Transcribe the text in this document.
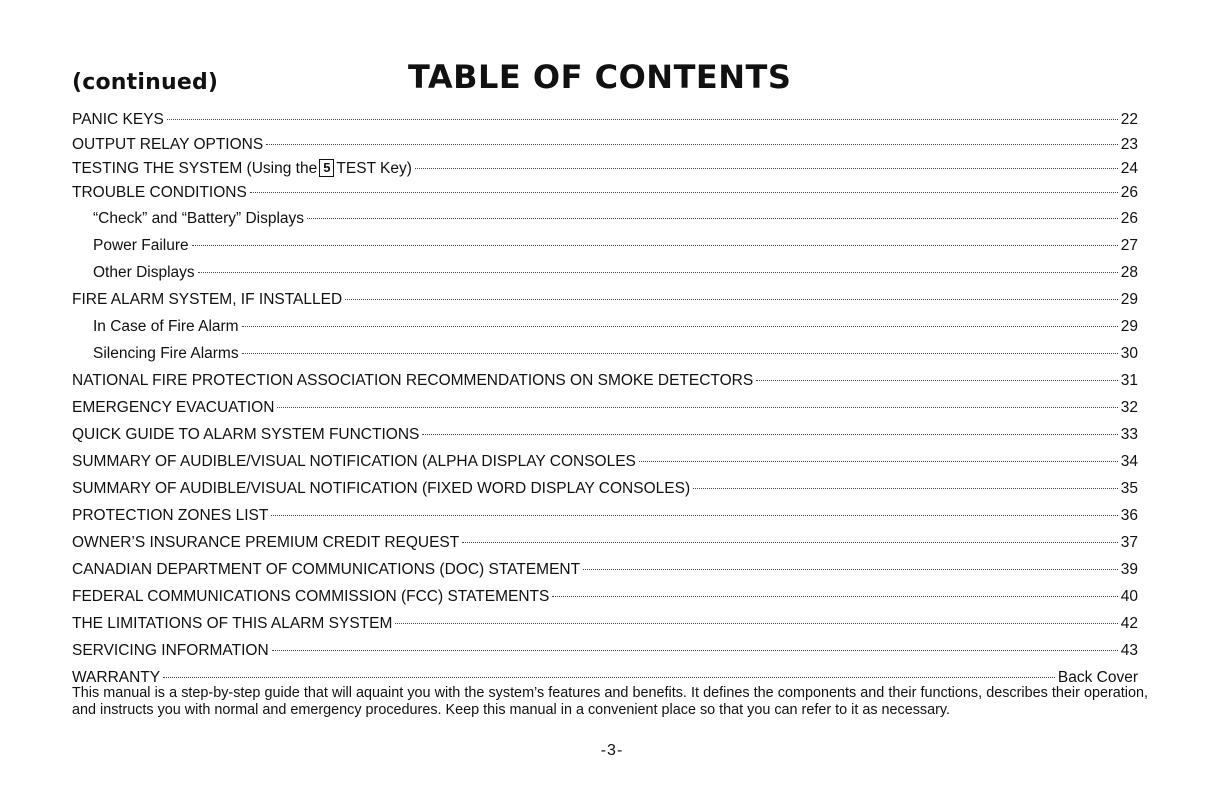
(continued)	TABLE OF CONTENTS
PANIC KEYS	22
OUTPUT RELAY OPTIONS	23
TESTING THE SYSTEM (Using the 5 TEST Key)	24
TROUBLE CONDITIONS	26
“Check” and “Battery” Displays	26
Power Failure	27
Other Displays	28
FIRE ALARM SYSTEM, IF INSTALLED	29
In Case of Fire Alarm	29
Silencing Fire Alarms	30
NATIONAL FIRE PROTECTION ASSOCIATION RECOMMENDATIONS ON SMOKE DETECTORS	31
EMERGENCY EVACUATION	32
QUICK GUIDE TO ALARM SYSTEM FUNCTIONS	33
SUMMARY OF AUDIBLE/VISUAL NOTIFICATION (ALPHA DISPLAY CONSOLES	34
SUMMARY OF AUDIBLE/VISUAL NOTIFICATION (FIXED WORD DISPLAY CONSOLES)	35
PROTECTION ZONES LIST	36
OWNER’S INSURANCE PREMIUM CREDIT REQUEST	37
CANADIAN DEPARTMENT OF COMMUNICATIONS (DOC) STATEMENT	39
FEDERAL COMMUNICATIONS COMMISSION (FCC) STATEMENTS	40
THE LIMITATIONS OF THIS ALARM SYSTEM	42
SERVICING INFORMATION	43
WARRANTY	Back Cover
This manual is a step-by-step guide that will aquaint you with the system’s features and benefits. It defines the components and their functions, describes their operation, and instructs you with normal and emergency procedures. Keep this manual in a convenient place so that you can refer to it as necessary.
-3-
